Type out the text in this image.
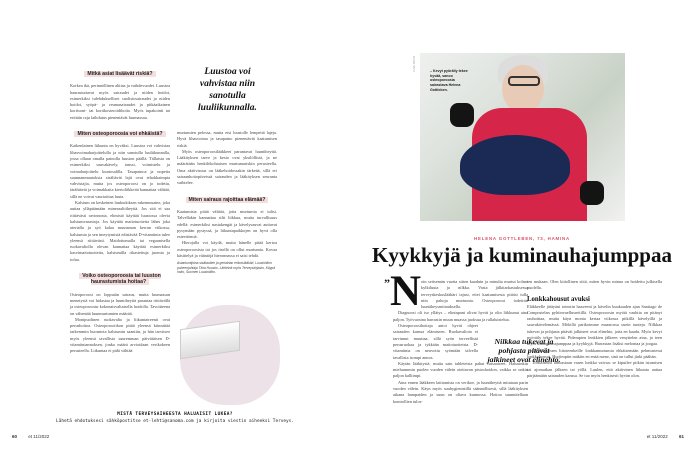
Mitkä asiat lisäävät riskiä?

Korkea ikä, perinnöllinen alttius ja vaihdevuodet. Luustoa haurastuttavat myös sairaudet ja niiden hoidot, esimerkiksi tulehdukselliset suolistosairaudet ja niiden hoidot, syöpä- ja reumasairaudet ja pitkäaikainen kortisoni- tai kortikosteroidihoito. Myös tupakointi tai erittäin raju laihdutus pienentävät luumassaa.

Miten osteoporoosia voi ehkäistä?

Kaikenlainen liikunta on hyväksi. Luustoa voi vahvistaa lihasvoimaharjoittelulla ja niin sanotulla luuliikunnalla, jossa ollaan omalla painolla luuston päällä. Tällaista on esimerkiksi sauvakävely, tanssi, voimistelu ja voimaharjoittelu kuntosalilla. Tasapainoa ja nopeita suunnanmuutoksia sisältävät lajit ovat tehokkaimpia vahvistajia, mutta jos osteoporoosi on jo todettu, tärähtäviä ja voimakkaita kiertoliikkeitä kannattaa välttää, sillä ne voivat vaurioittaa luuta.

Kalsium on keskeinen luukudoksen rakennusaine, joka auttaa ylläpitämään mineraalitiheyttä. Jos sitä ei saa riittävästi ravinnosta, elimistö käyttää luustossa olevia kalsiumvarastoja. Jos käyttää maitotuotteita lähes joka aterialla ja syö kalaa muutaman kerran viikossa, kalsiumia ja sen imeytymistä edistävää D-vitamiinia tulee yleensä riittävästi. Maidottomalla tai vegaanisella ruokavaliolla olevan kannattaa käyttää esimerkiksi kasvimaitotuotteita, kalsiumilla rikastettuja juomia ja tofua.

Voiko osteoporoosia tai luuston haurastumista hoitaa?

Osteoporoosi on loppuiän sairaus, mutta luumassan menetystä voi hidastaa ja luuntiheyttä parantaa riittävällä ja osteoporoosin kokonaisvaltaisella hoidolla. Tavoitteena on vähentää luunmurtumien määrää.

Monipuolinen ruokavalio ja liikuntatreenit ovat perushoitoa. Osteoporootikon pitää yleensä kiinnittää tarkemmin huomiota kalsiumin saantiin, ja hän tarvitsee myös yleensä tavallista suuremman päivittäisen D-vitamiiniannoksen, jonka määrä arvioidaan verikokeen perusteella. Liikuntaa ei pidä välttää

Luustoa voi vahvistaa niin sanotulla luuliikunnalla.

murtumien pelossa, mutta etsi luustolle lempeitä lajeja. Hyvä lihasvoima ja tasapaino pienentävät kaatumisen riskiä.

Myös osteoporoosilääkkeet parantavat luuntiheyttä. Lääkityksen tarve ja kesto ovat yksilöllisiä, ja ne määrätään henkilökohtaisen murtumariskin perusteella. Oma aktiivisuus on lääkehoidossakin tärkeää, sillä eri sairaanhoitopiireissä sairauden ja lääkityksen seuranta vaihtelee.

Miten sairaus rajoittaa elämää?

Kaatumisia pitää välttää, jotta murtumia ei tulisi. Talvellakin kannattaa silti liikkua, mutta turvallisuus edellä: esimerkiksi nastakengät ja kävelysauvat auttavat pysymään pystyssä, ja liikuntapaikkojen on hyvä olla esteettömiä.

Hierojalla voi käydä, mutta hänelle pitää kertoa osteoporoosista tai jos itsellä on ollut murtumia. Kovaa käsittelyä ja vääntöjä hieronnassa ei saisi tehdä.

Asiantuntijoina sisätautien ja geriatrian erikoislääkäri, Luustoliiton puheenjohtaja Tiina Huusko. Lähteinä myös Terveyskirjasto, Käypä hoito, Suomen Luustoliitto.
MISTÄ TERVEYSAIHEESTA HALUAISIT LUKEA?
Lähetä ehdotuksesi sähköpostitse et-lehti@sanoma.com ja kirjoita viestin aiheeksi Terveys.
60	et 11/2022
KUVA: MIKKO	– Kevyt pyöräily tekee hyvää, sanoo osteoporoosia sairastava Helena Gottleben.
HELENA GOTTLEBEN, 73, HAMINA
Kyykkyjä ja kuminauhajumppaa
” N oin seitsemän vuotta sitten kaaduin ja minulta murtui kolme kylkiluuta ja nilkka. Vasta jälkitarkastuksessa terveyskeskuslääkäri tajusi, ettei kaatumisesta pitäisi tulla niin pahoja murtumia. Osteoporoosi todettiin luuntiheysmittauksella.

Diagnoosi oli iso yllätys – elintapani olivat hyvät ja olin liikkunut aina paljon. Työvuosina harrastin muun muassa juoksua ja rullaluistelua.

Osteoporoosihoitaja antoi hyvät ohjeet sairauden kanssa elämiseen. Ruokavaliota ei tarvinnut muuttaa, sillä syön terveellistä perusruokaa ja tykkään maitotuotteista. D-vitamiinia on neuvottu syömään talvella tavallista isompi annos.

Käytän lääkitystä, mutta sain tableteista pahat vatsaoireet. Halusinkin mieluummin puolen vuoden välein otettavan pistoshoidon, vaikka se onkin paljon kalliimpi.

Aina ennen lääkkeen laittamista on verikoe, ja luuntiheyttä mitataan parin vuoden välein. Käyn myös suuhygienistillä säännöllisesti, sillä lääkityksen aikana hampaiden ja suun on oltava kunnossa. Hoitoa suunnitellaan kontrollien tulos-

Nilkkaa tukevat ja pohjasta pitävät jalkineet ovat elinehto.

ten mukaan. Olen kiitollinen siitä, miten hyvin minua on hoidettu julkisella puolella.

Lonkkahousut avuksi

Eläkkeelle jäätyäni toteutin haaveeni ja kävelin kuukauden ajan Santiago de Compostelan pyhiinvaellusreitillä. Osteoporoosin myötä vauhtia on pitänyt rauhoittaa, mutta käyn monta kertaa viikossa pitkillä kävelyillä ja sauvakävelemässä. Mökillä patikoimme maastossa usein tunteja. Nilkkaa tukevat ja pohjasta pitävät jalkineet ovat elinehto, jotta en kaadu. Myös kevyt pyöräily tekee hyvää. Pidempien lenkkien jälkeen venyttelen aina, ja teen myös kuminauhajumppaa ja kyykkyjä. Harrastan lisäksi melontaa ja joogaa.

Talvella puen liitoteenkeille lonkkamurtumia ehkäisemään pehmustetut lonkkahousut. Hurjimpiin mäkiin en enää mene, sinä on tullut järki päähän.

Toistaiseksi ainoastaan vasen lonkka vaivaa: se kipuilee pitkän istumisen tai ajomatkan jälkeen tai yöllä. Luulen, että aktiivinen liikunta auttaa pärjäämään sairauden kanssa. Se tuo myös henkisesti hyvän olon.

et 11/2022	61
